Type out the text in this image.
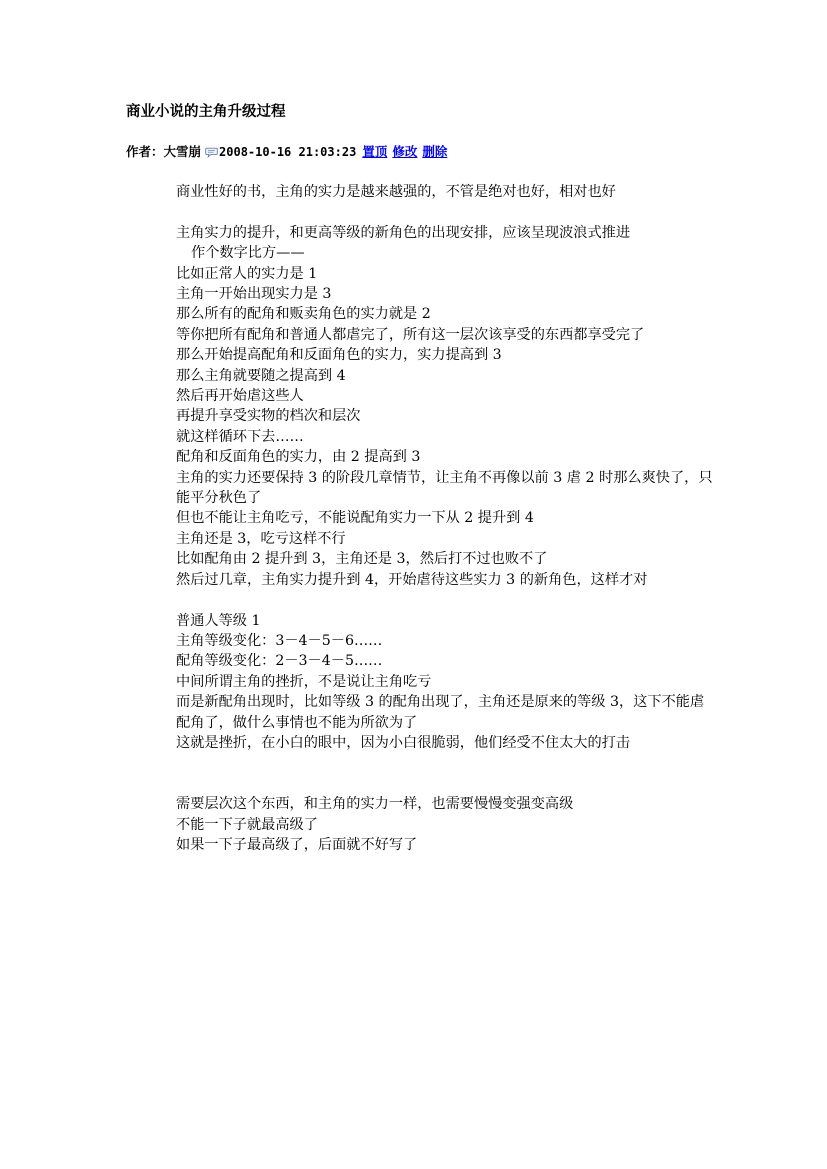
商业小说的主角升级过程
作者： 大雪崩 2008-10-16 21:03:23 置顶 修改 删除

商业性好的书，主角的实力是越来越强的，不管是绝对也好，相对也好

主角实力的提升，和更高等级的新角色的出现安排，应该呈现波浪式推进

作个数字比方——

比如正常人的实力是 1

主角一开始出现实力是 3

那么所有的配角和贩卖角色的实力就是 2

等你把所有配角和普通人都虐完了，所有这一层次该享受的东西都享受完了

那么开始提高配角和反面角色的实力，实力提高到 3

那么主角就要随之提高到 4

然后再开始虐这些人

再提升享受实物的档次和层次

就这样循环下去……

配角和反面角色的实力，由 2 提高到 3

主角的实力还要保持 3 的阶段几章情节，让主角不再像以前 3 虐 2 时那么爽快了，只能平分秋色了

但也不能让主角吃亏，不能说配角实力一下从 2 提升到 4

主角还是 3，吃亏这样不行

比如配角由 2 提升到 3，主角还是 3，然后打不过也败不了

然后过几章，主角实力提升到 4，开始虐待这些实力 3 的新角色，这样才对

普通人等级 1

主角等级变化：3－4－5－6……

配角等级变化：2－3－4－5……

中间所谓主角的挫折，不是说让主角吃亏

而是新配角出现时，比如等级 3 的配角出现了，主角还是原来的等级 3，这下不能虐配角了，做什么事情也不能为所欲为了

这就是挫折，在小白的眼中，因为小白很脆弱，他们经受不住太大的打击

需要层次这个东西，和主角的实力一样，也需要慢慢变强变高级

不能一下子就最高级了

如果一下子最高级了，后面就不好写了
